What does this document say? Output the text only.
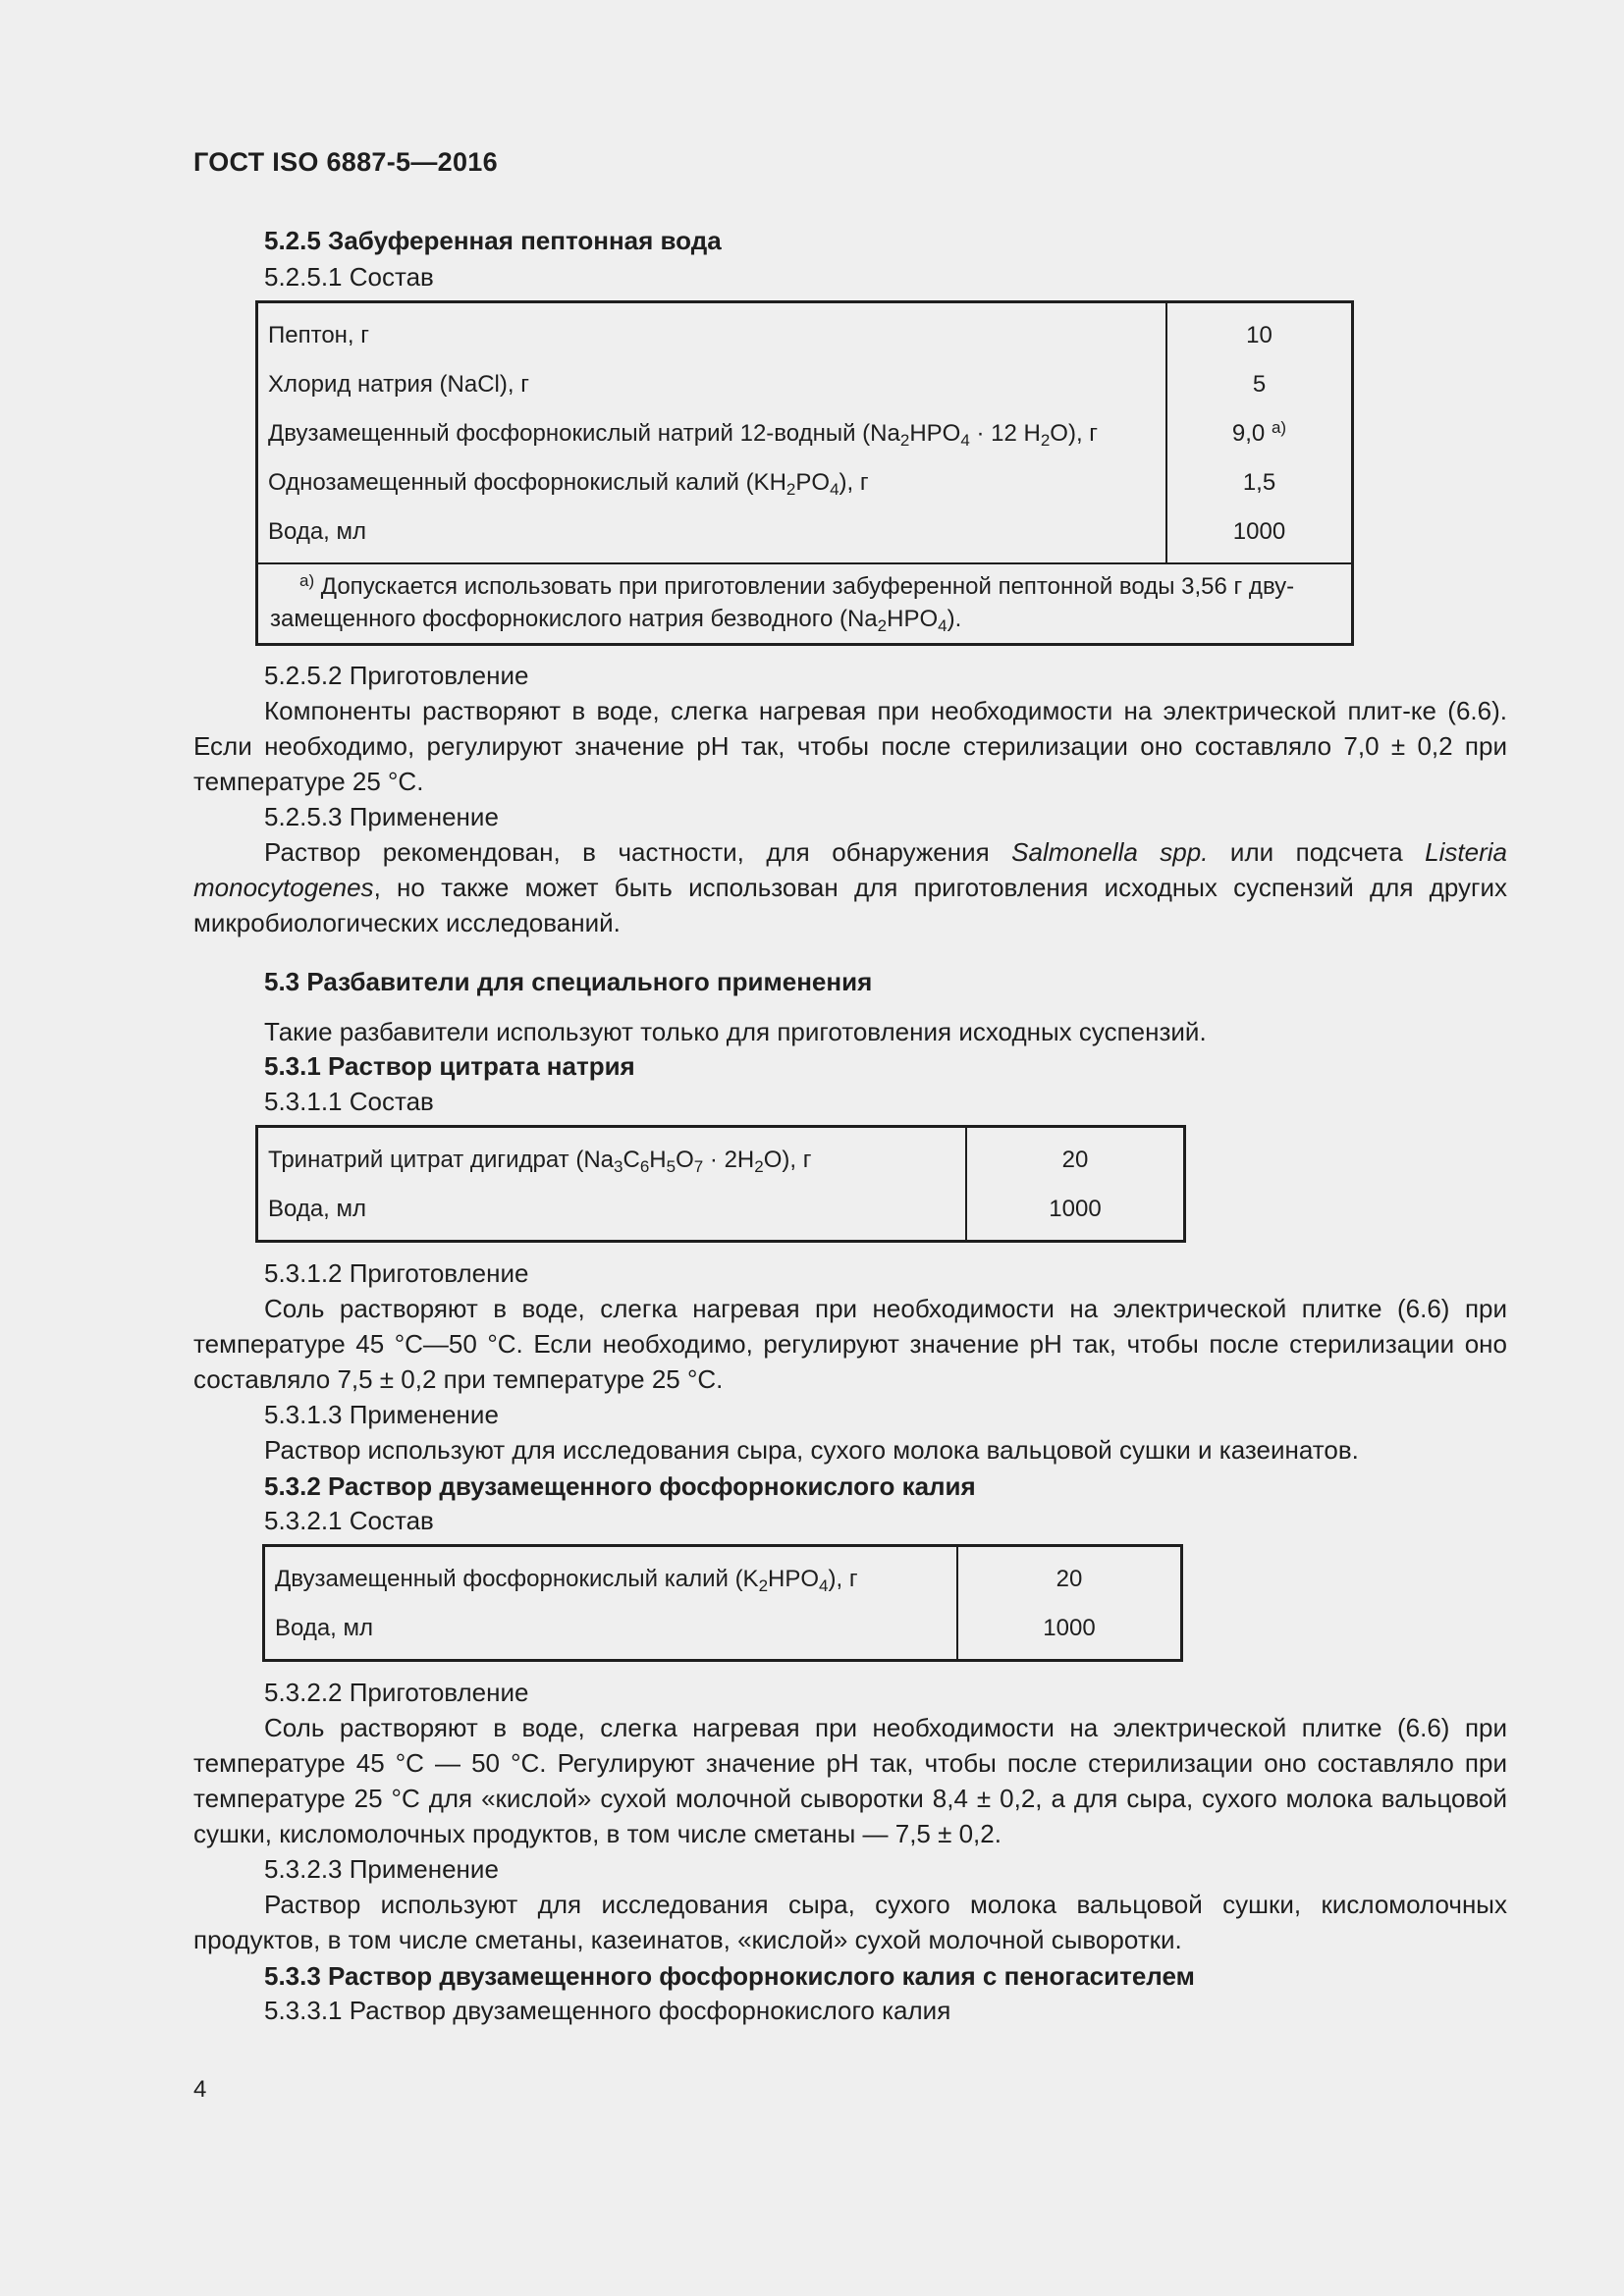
ГОСТ ISO 6887-5—2016
5.2.5 Забуференная пептонная вода
5.2.5.1 Состав
Пептон, г	10
Хлорид натрия (NaCl), г	5
Двузамещенный фосфорнокислый натрий 12-водный ($Na_2HPO_4 \cdot 12$ $H_2O$), г	9,0 $^{а)}$
Однозамещенный фосфорнокислый калий $(KH_2PO_4)$, г	1,5
Вода, мл	1000
$^{а)}$ Допускается использовать при приготовлении забуференной пептонной воды 3,56 г дву-замещенного фосфорнокислого натрия безводного $(Na_2HPO_4)$.	
5.2.5.2 Приготовление
Компоненты растворяют в воде, слегка нагревая при необходимости на электрической плит-ке (6.6). Если необходимо, регулируют значение pH так, чтобы после стерилизации оно составляло 7,0 ± 0,2 при температуре 25 °C.
5.2.5.3 Применение
Раствор рекомендован, в частности, для обнаружения Salmonella spp. или подсчета Listeria monocytogenes, но также может быть использован для приготовления исходных суспензий для других микробиологических исследований.
5.3 Разбавители для специального применения
Такие разбавители используют только для приготовления исходных суспензий.
5.3.1 Раствор цитрата натрия
5.3.1.1 Состав
Тринатрий цитрат дигидрат $(Na_3C_6H_5O_7 \cdot 2H_2O)$, г	20
Вода, мл	1000
5.3.1.2 Приготовление
Соль растворяют в воде, слегка нагревая при необходимости на электрической плитке (6.6) при температуре 45 °C—50 °C. Если необходимо, регулируют значение pH так, чтобы после стерилизации оно составляло 7,5 ± 0,2 при температуре 25 °C.
5.3.1.3 Применение
Раствор используют для исследования сыра, сухого молока вальцовой сушки и казеинатов.
5.3.2 Раствор двузамещенного фосфорнокислого калия
5.3.2.1 Состав
Двузамещенный фосфорнокислый калий $(K_2HPO_4)$, г	20
Вода, мл	1000
5.3.2.2 Приготовление
Соль растворяют в воде, слегка нагревая при необходимости на электрической плитке (6.6) при температуре 45 °C — 50 °C. Регулируют значение pH так, чтобы после стерилизации оно составляло при температуре 25 °C для «кислой» сухой молочной сыворотки 8,4 ± 0,2, а для сыра, сухого молока вальцовой сушки, кисломолочных продуктов, в том числе сметаны — 7,5 ± 0,2.
5.3.2.3 Применение
Раствор используют для исследования сыра, сухого молока вальцовой сушки, кисломолочных продуктов, в том числе сметаны, казеинатов, «кислой» сухой молочной сыворотки.
5.3.3 Раствор двузамещенного фосфорнокислого калия с пеногасителем
5.3.3.1 Раствор двузамещенного фосфорнокислого калия
4
